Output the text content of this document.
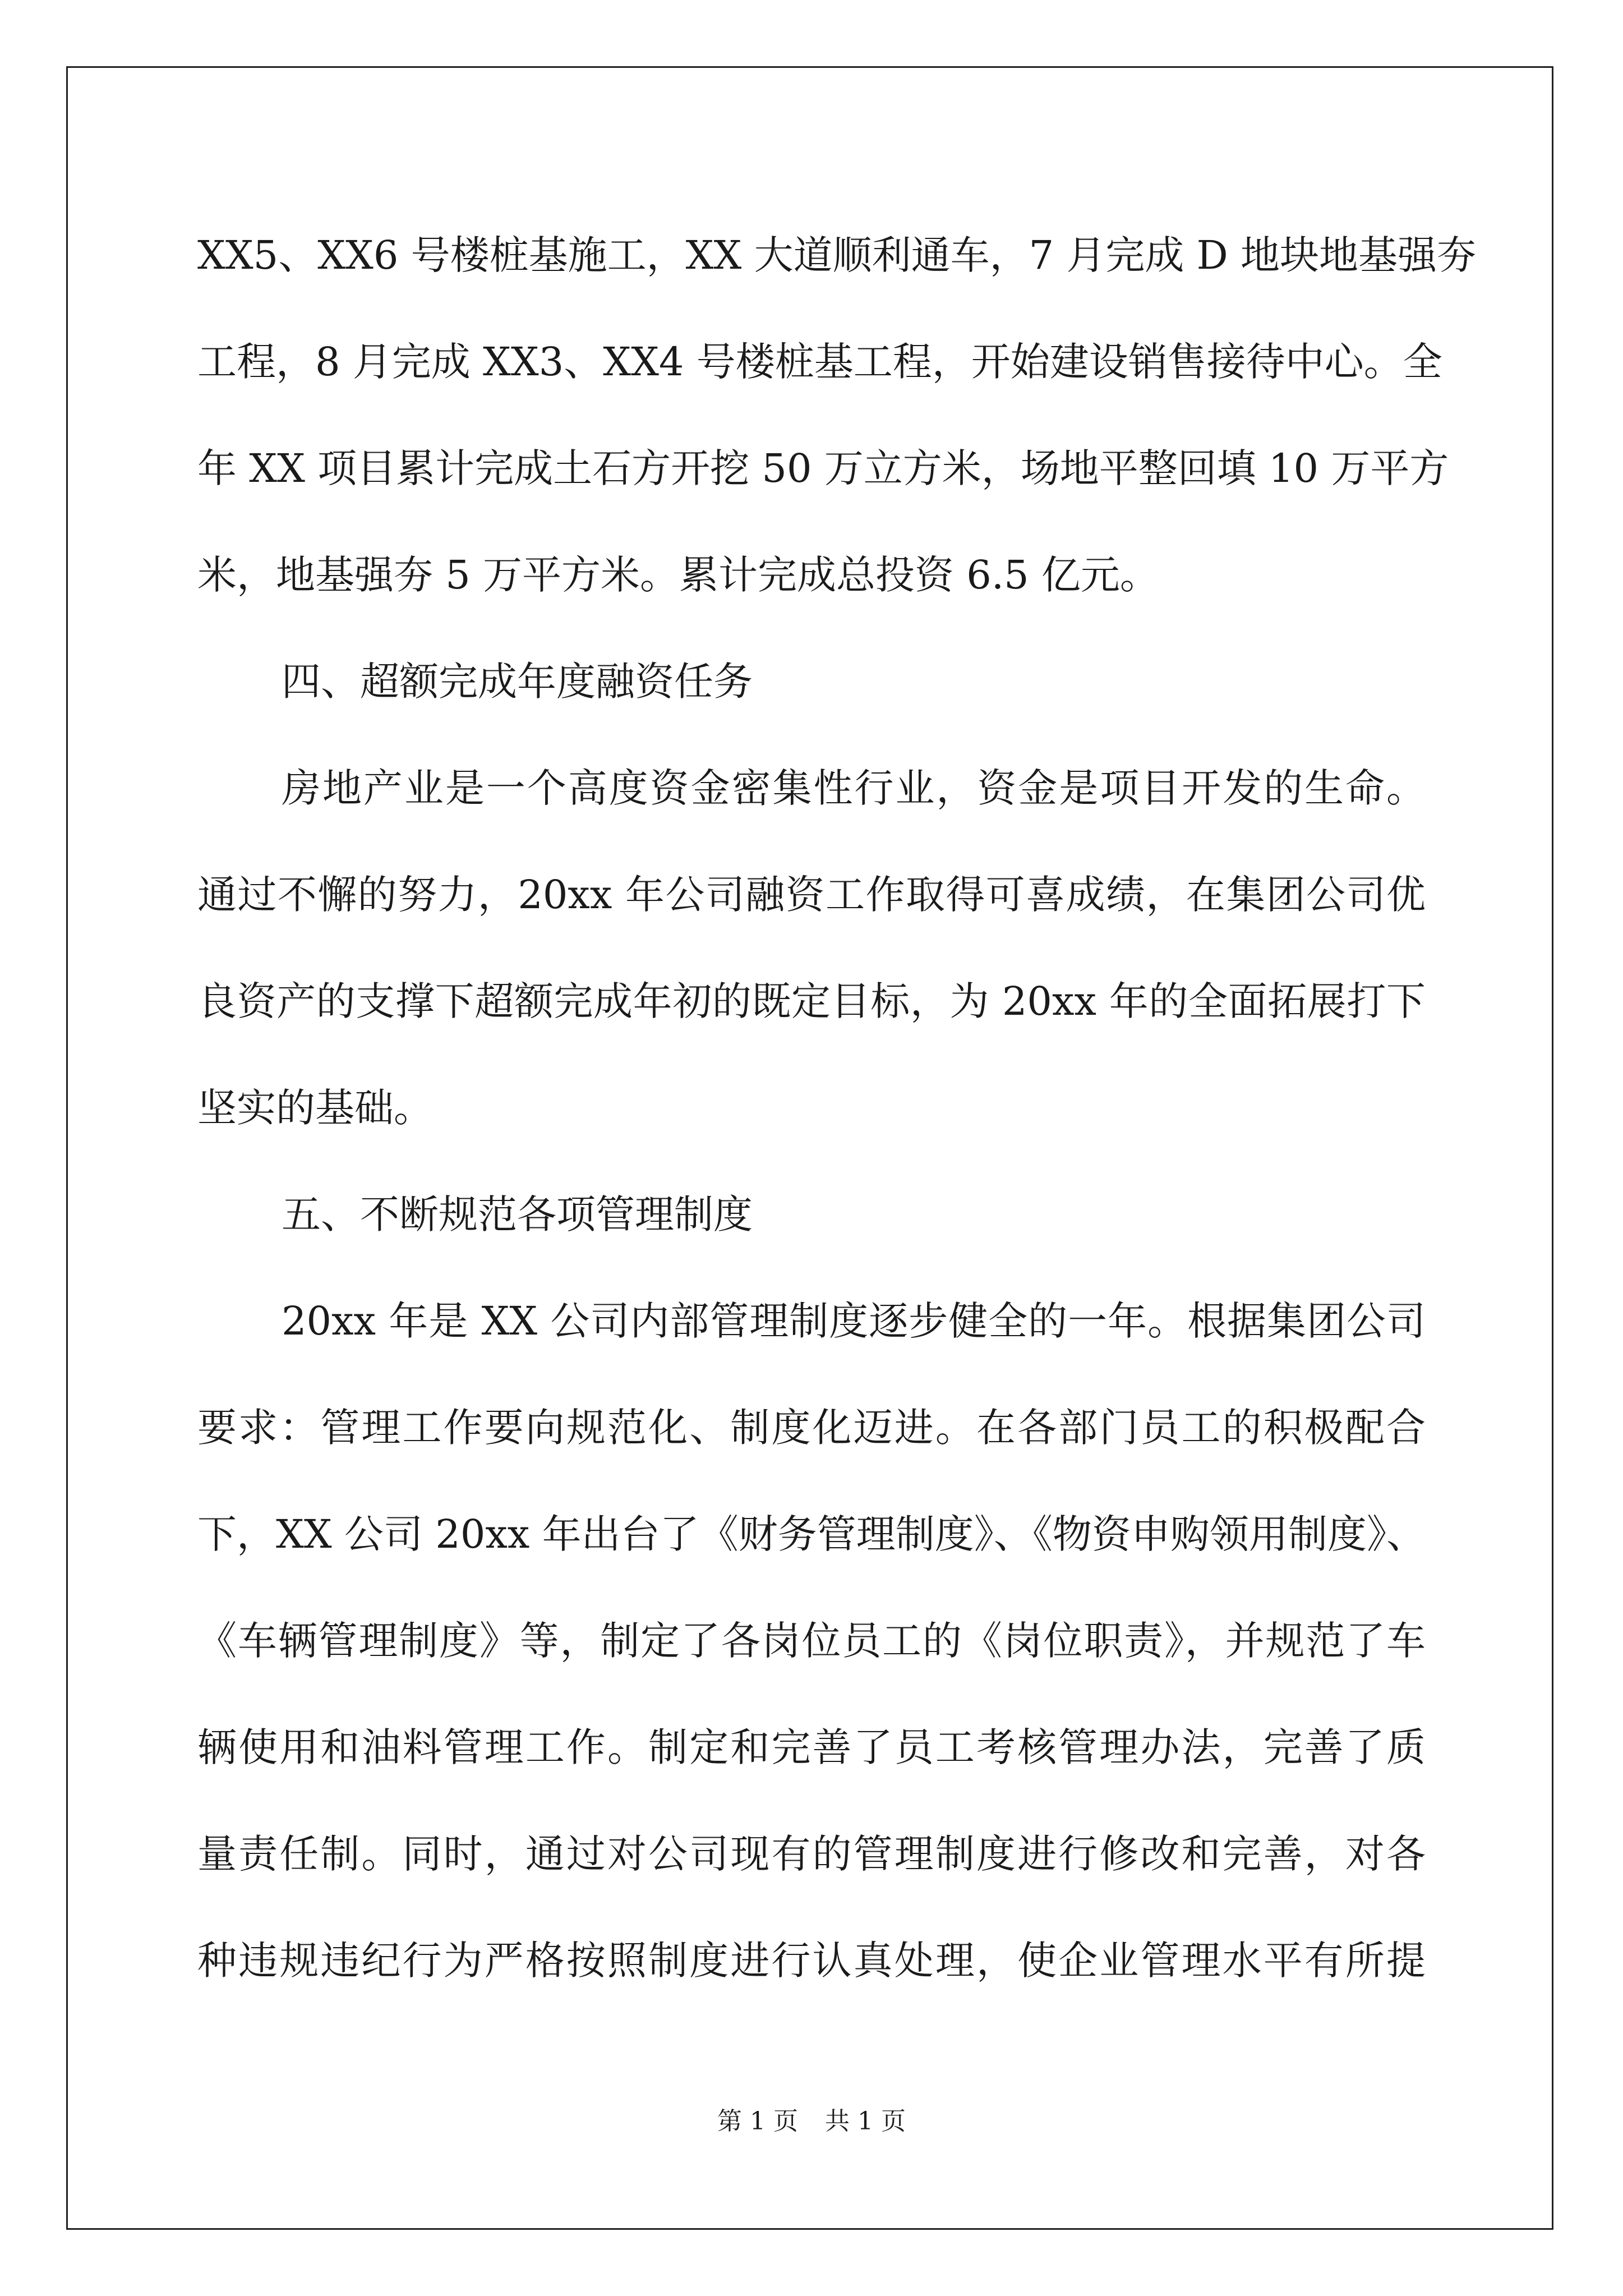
XX5、XX6 号楼桩基施工，XX 大道顺利通车，7 月完成 D 地块地基强夯
工程，8 月完成 XX3、XX4 号楼桩基工程，开始建设销售接待中心。全
年 XX 项目累计完成土石方开挖 50 万立方米，场地平整回填 10 万平方
米，地基强夯 5 万平方米。累计完成总投资 6.5 亿元。
四、超额完成年度融资任务
房地产业是一个高度资金密集性行业，资金是项目开发的生命。
通过不懈的努力，20xx 年公司融资工作取得可喜成绩，在集团公司优
良资产的支撑下超额完成年初的既定目标，为 20xx 年的全面拓展打下
坚实的基础。
五、不断规范各项管理制度
20xx 年是 XX 公司内部管理制度逐步健全的一年。根据集团公司
要求：管理工作要向规范化、制度化迈进。在各部门员工的积极配合
下，XX 公司 20xx 年出台了《财务管理制度》、《物资申购领用制度》、
《车辆管理制度》等，制定了各岗位员工的《岗位职责》，并规范了车
辆使用和油料管理工作。制定和完善了员工考核管理办法，完善了质
量责任制。同时，通过对公司现有的管理制度进行修改和完善，对各
种违规违纪行为严格按照制度进行认真处理，使企业管理水平有所提
第 1 页 共 1 页
